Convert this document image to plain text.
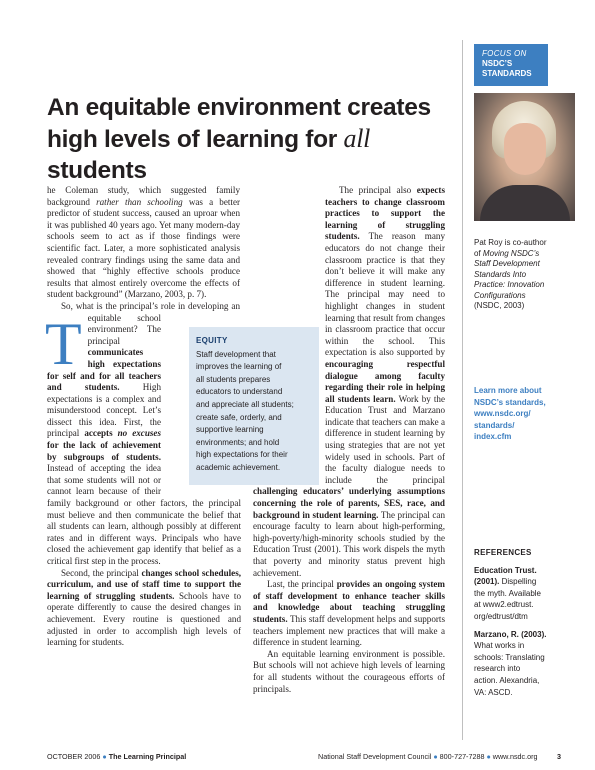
FOCUS ON
NSDC’S
STANDARDS
An equitable environment creates
high levels of learning for all students
Pat Roy is co-author
of Moving NSDC’s
Staff Development
Standards Into
Practice: Innovation
Configurations
(NSDC, 2003)
Learn more about
NSDC’s standards,
www.nsdc.org/
standards/
index.cfm
REFERENCES
Education Trust.
(2001). Dispelling
the myth. Available
at www2.edtrust.
org/edtrust/dtm
Marzano, R. (2003).
What works in
schools: Translating
research into
action. Alexandria,
VA: ASCD.

T
he Coleman study, which suggested family background rather than schooling was a better predictor of student success, caused an uproar when it was published 40 years ago. Yet many modern-day schools seem to act as if those findings were scientific fact. Later, a more sophisticated analysis revealed contrary findings using the same data and showed that “highly effective schools produce results that almost entirely overcome the effects of student background” (Marzano, 2003, p. 7).

So, what is the principal’s role in developing an equitable school environment? The principal communicates high expectations for self and for all teachers and students. High expectations is a complex and misunderstood concept. Let’s dissect this idea. First, the principal accepts no excuses for the lack of achievement by subgroups of students. Instead of accepting the idea that some students will not or cannot learn because of their family background or other factors, the principal must believe and then communicate the belief that all students can learn, although possibly at different rates and in different ways. Principals who have closed the achievement gap identify that belief as a critical first step in the process.

Second, the principal changes school schedules, curriculum, and use of staff time to support the learning of struggling students. Schools have to operate differently to cause the desired changes in achievement. Every routine is questioned and adjusted in order to accomplish high levels of learning for students.

The principal also expects teachers to change classroom practices to support the learning of struggling students. The reason many educators do not change their classroom practice is that they don’t believe it will make any difference in student learning. The principal may need to highlight changes in student learning that result from changes in classroom practice that occur within the school. This expectation is also supported by encouraging respectful dialogue among faculty regarding their role in helping all students learn. Work by the Education Trust and Marzano indicate that teachers can make a difference in student learning by using strategies that are not yet widely used in schools. Part of the faculty dialogue needs to include the principal challenging educators’ underlying assumptions concerning the role of parents, SES, race, and background in student learning. The principal can encourage faculty to learn about high-performing, high-poverty/high-minority schools studied by the Education Trust (2001). This work dispels the myth that poverty and minority status prevent high achievement.

Last, the principal provides an ongoing system of staff development to enhance teacher skills and knowledge about teaching struggling students. This staff development helps and supports teachers implement new practices that will make a difference in student learning.

An equitable learning environment is possible. But schools will not achieve high levels of learning for all students without the courageous efforts of principals.

EQUITY
Staff development that
improves the learning of
all students prepares
educators to understand
and appreciate all students;
create safe, orderly, and
supportive learning
environments; and hold
high expectations for their
academic achievement.
OCTOBER 2006 ● The Learning Principal	National Staff Development Council ● 800-727-7288 ● www.nsdc.org	3
